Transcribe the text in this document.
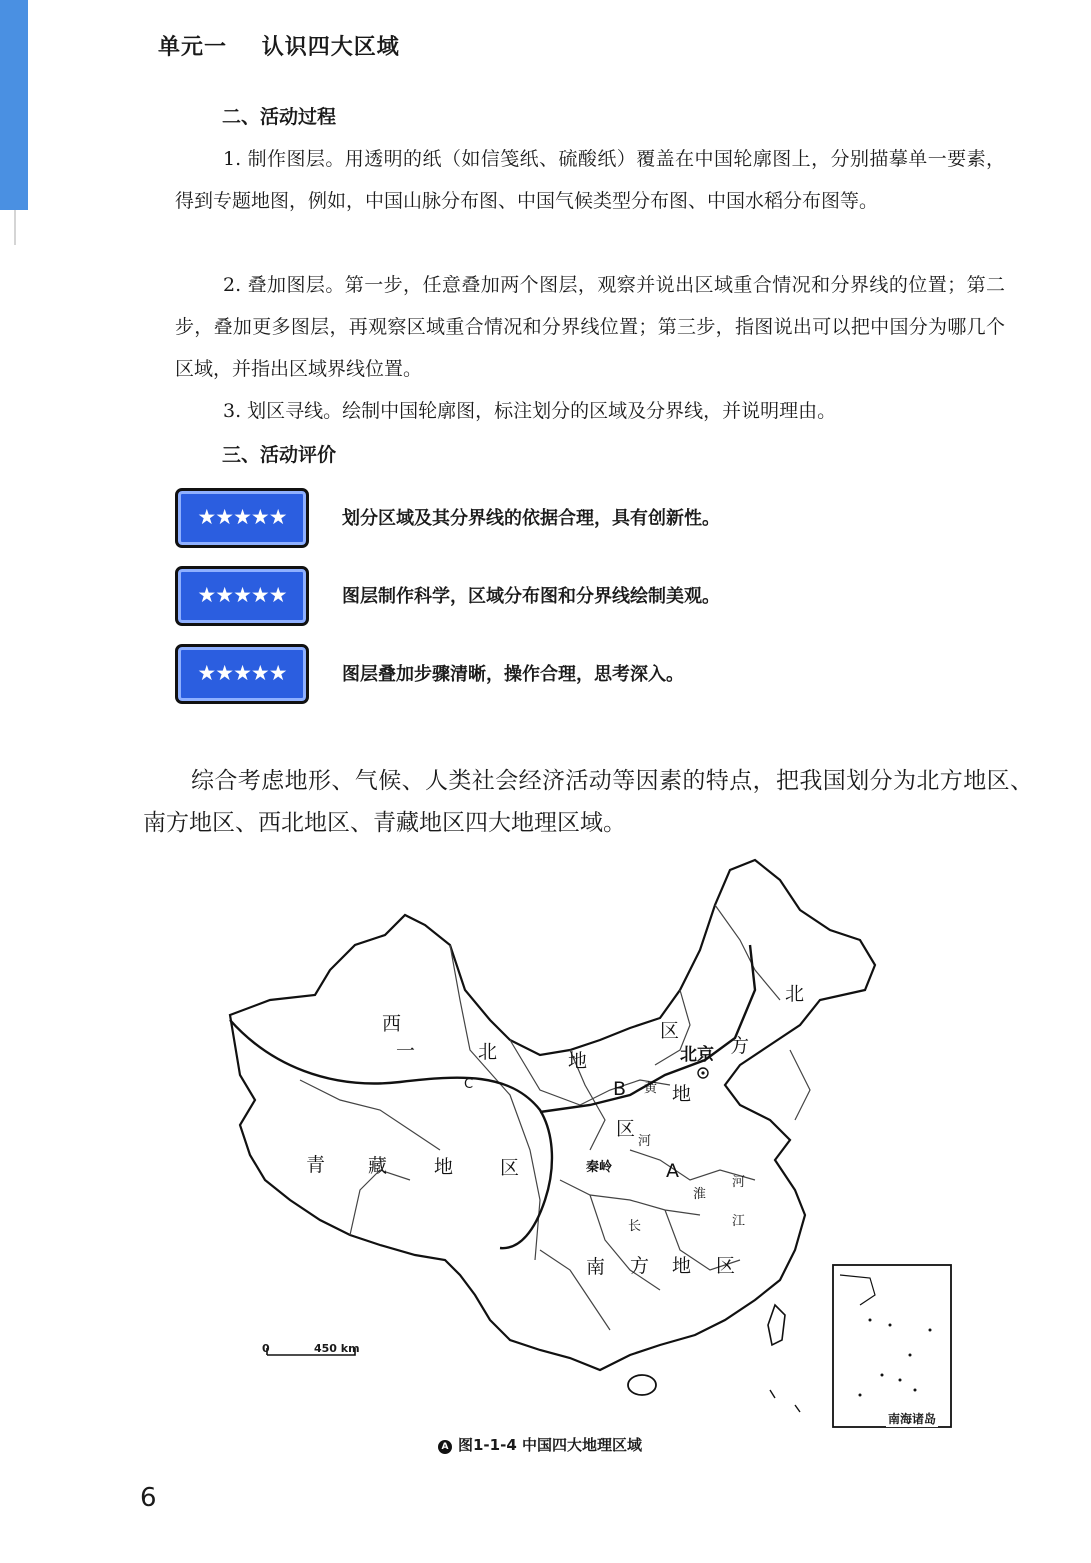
单元一 认识四大区域
二、活动过程

1. 制作图层。用透明的纸（如信笺纸、硫酸纸）覆盖在中国轮廓图上，分别描摹单一要素，得到专题地图，例如，中国山脉分布图、中国气候类型分布图、中国水稻分布图等。

2. 叠加图层。第一步，任意叠加两个图层，观察并说出区域重合情况和分界线的位置；第二步，叠加更多图层，再观察区域重合情况和分界线位置；第三步，指图说出可以把中国分为哪几个区域，并指出区域界线位置。

3. 划区寻线。绘制中国轮廓图，标注划分的区域及分界线，并说明理由。

三、活动评价
★★★★★	划分区域及其分界线的依据合理，具有创新性。
★★★★★	图层制作科学，区域分布图和分界线绘制美观。
★★★★★	图层叠加步骤清晰，操作合理，思考深入。

综合考虑地形、气候、人类社会经济活动等因素的特点，把我国划分为北方地区、南方地区、西北地区、青藏地区四大地理区域。

西
一	北	地
区
青 藏 地 区
北
方
北京
黄 地
区
河
秦岭
淮
河
长	江
南 方 地 区
A
B
C
0	450 km
南海诸岛
A 图1-1-4 中国四大地理区域
6
